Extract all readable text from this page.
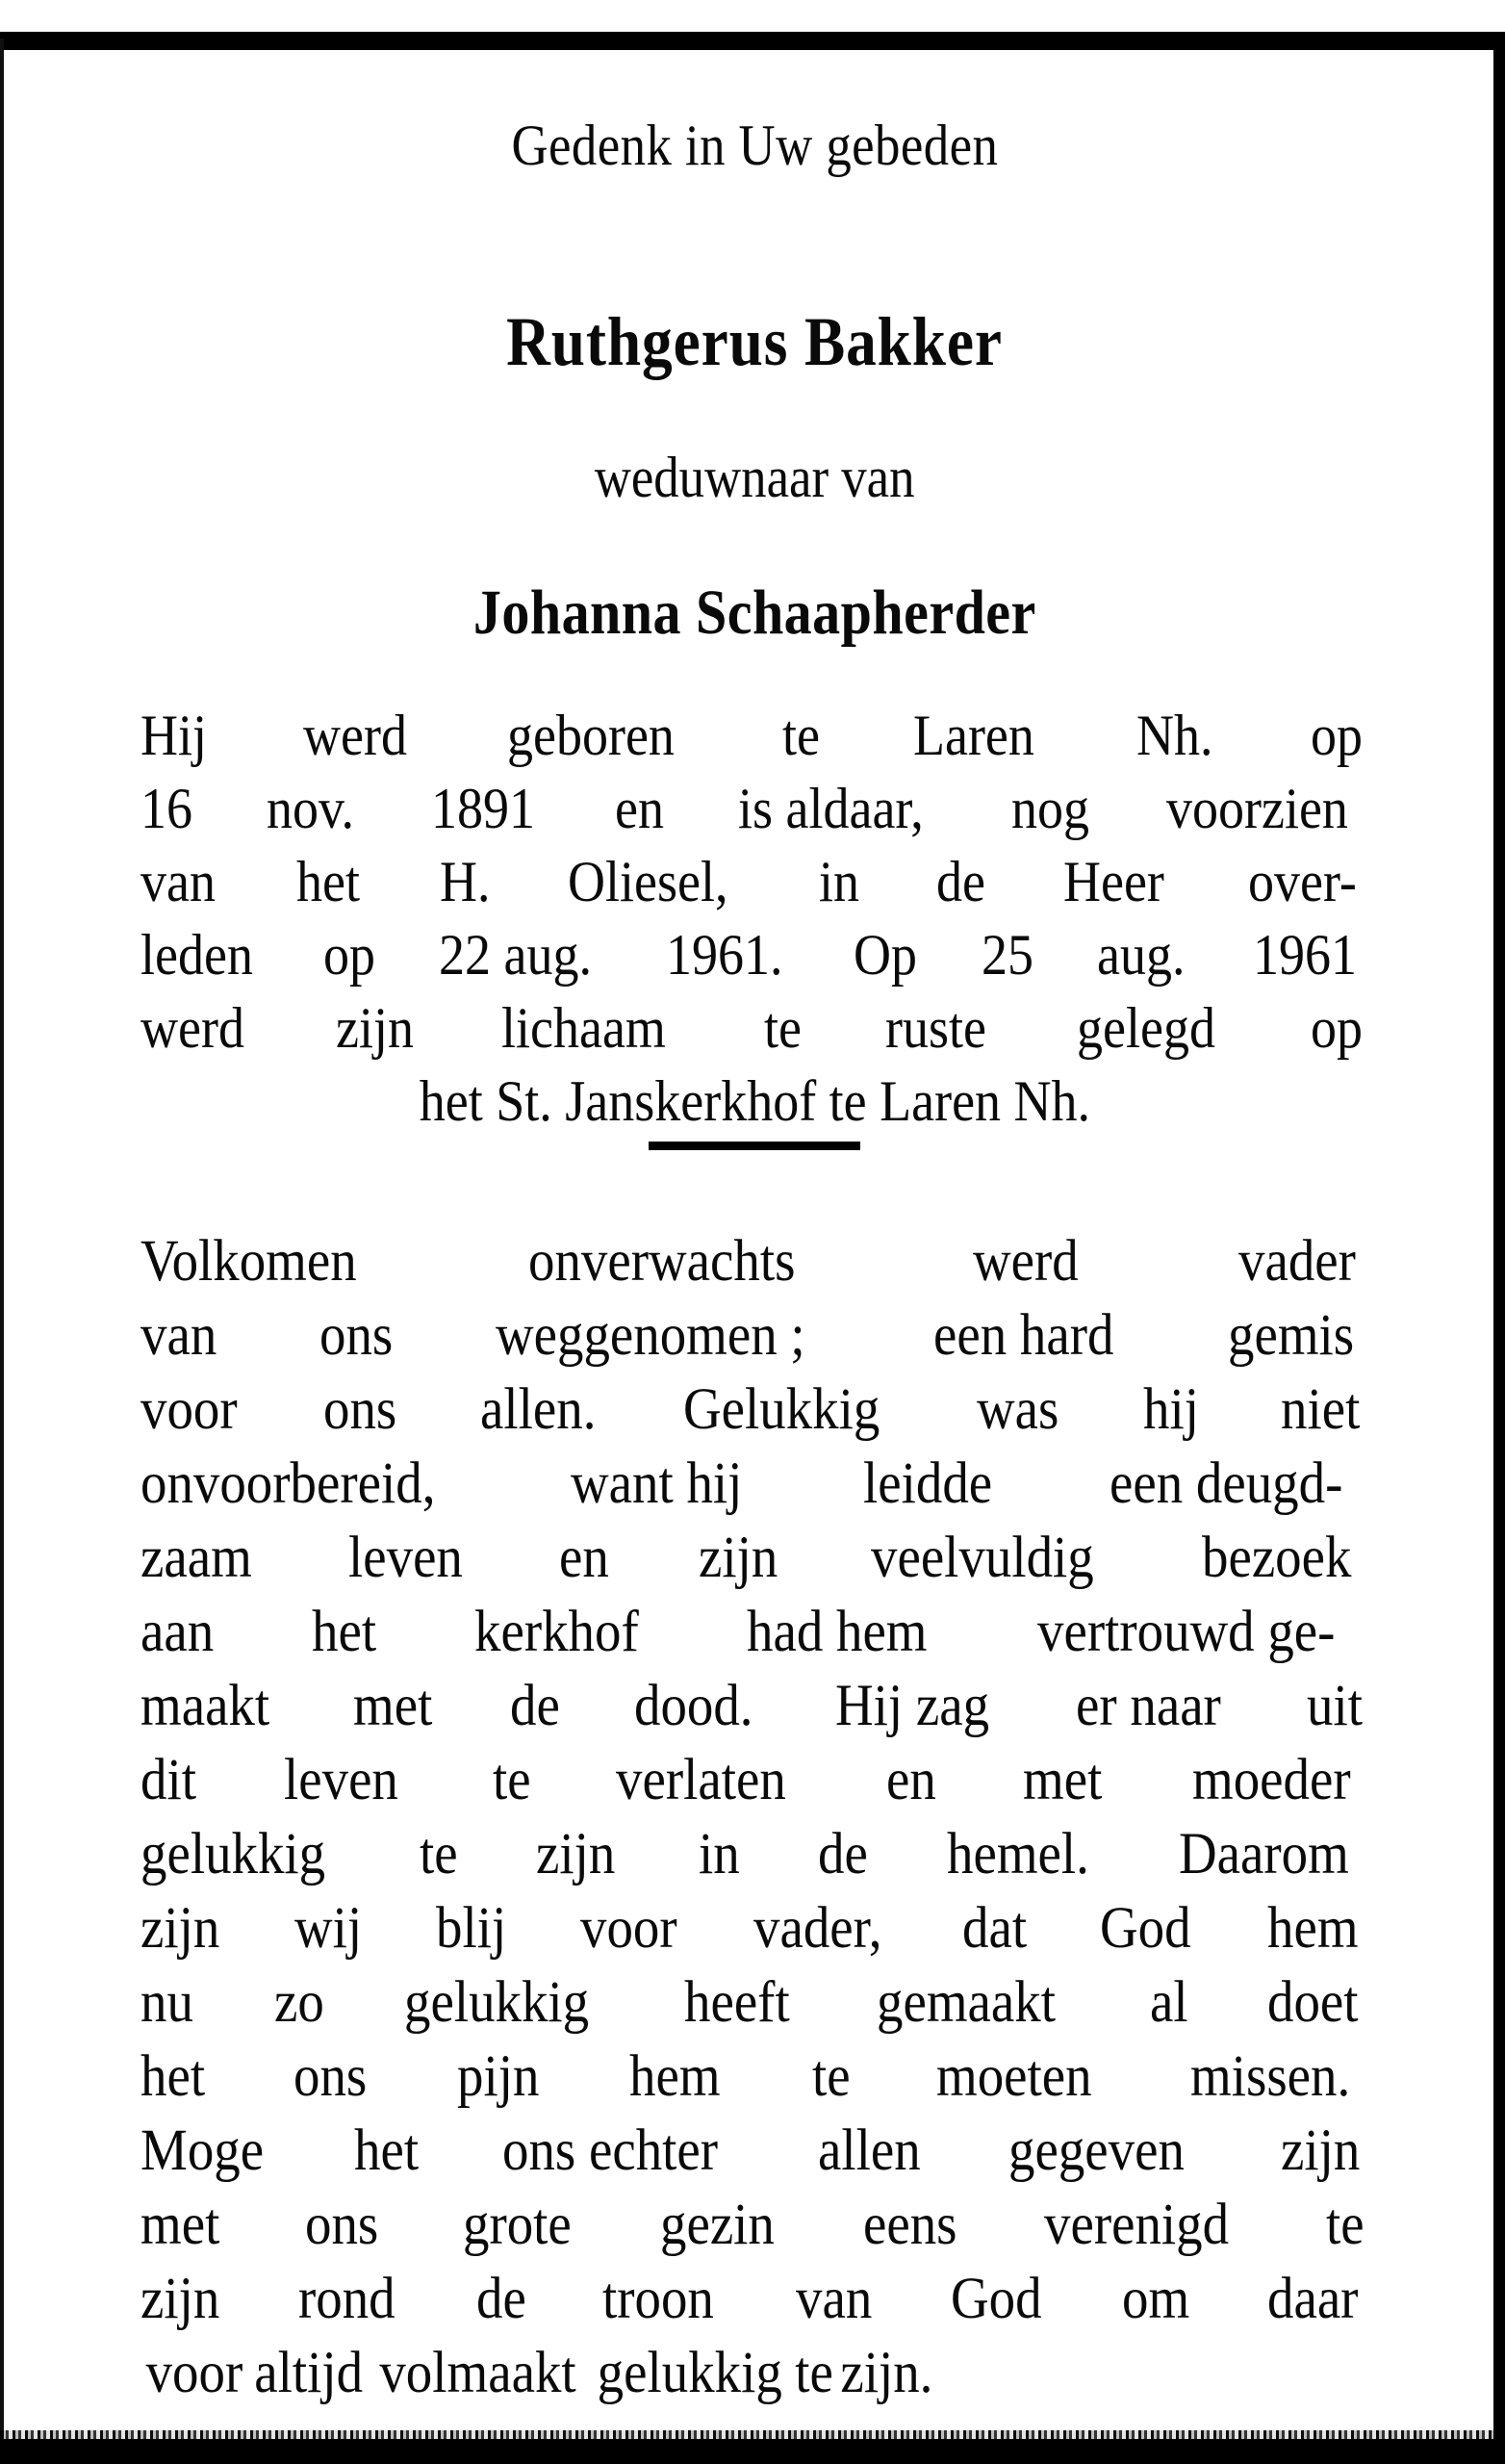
Gedenk in Uw gebeden
Ruthgerus Bakker
weduwnaar van
Johanna Schaapherder
Hij werd geboren te Laren Nh. op
16 nov. 1891 en is aldaar, nog voorzien
van het H. Oliesel, in de Heer over-
leden op 22 aug. 1961. Op 25 aug. 1961
werd zijn lichaam te ruste gelegd op
het St. Janskerkhof te Laren Nh.
Volkomen	onverwachts	werd	vader
van ons weggenomen ; een hard gemis
voor ons allen. Gelukkig was hij niet
onvoorbereid, want hij leidde een deugd-
zaam leven en zijn veelvuldig bezoek
aan het kerkhof had hem vertrouwd ge-
maakt met de dood. Hij zag er naar uit
dit leven te verlaten en met moeder
gelukkig te zijn in de hemel. Daarom
zijn wij blij voor vader, dat God hem
nu zo gelukkig heeft gemaakt al doet
het ons pijn hem te moeten missen.
Moge het ons echter allen gegeven zijn
met ons grote gezin eens verenigd te
zijn rond de troon van God om daar
voor altijd volmaakt gelukkig te zijn.
